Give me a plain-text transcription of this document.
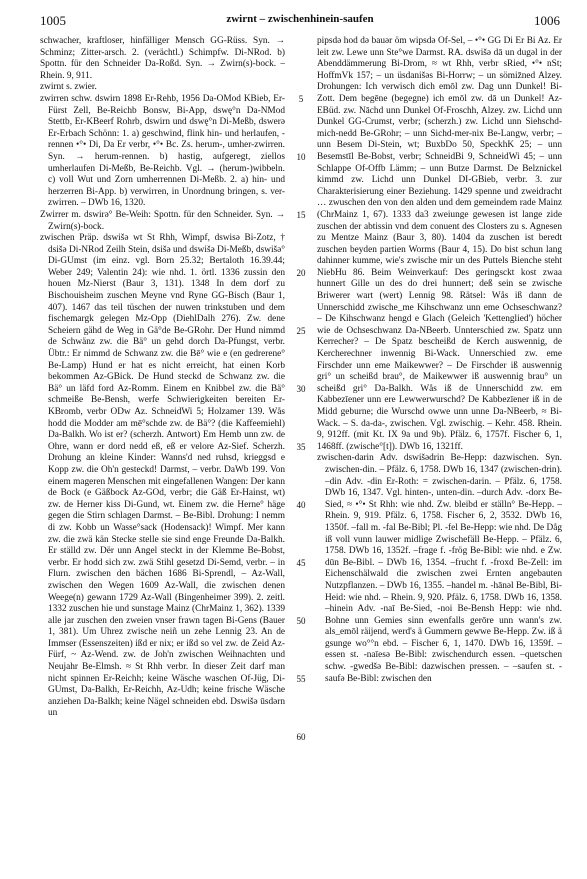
1005	zwirnt – zwischenhinein-saufen	1006

schwacher, kraftloser, hinfälliger Mensch GG-Rüss. Syn. → Schminz; Zitter-arsch. 2. (verächtl.) Schimpfw. Di-NRod. b) Spottn. für den Schneider Da-Roßd. Syn. → Zwirn(s)-bock. – Rhein. 9, 911.

zwirnt s. zwier.

zwirren schw. dswirn 1898 Er-Rehb, 1956 Da-OMod KBieb, Er-Fürst Zell, Be-Reichb Bonsw, Bi-App, dswę°n Da-NMod Stettb, Er-KBeerf Rohrb, dswirn und dswę°n Di-Meßb, dswerə Er-Erbach Schönn: 1. a) geschwind, flink hin- und herlaufen, -rennen •°• Di, Da Er verbr, •°• Bc. Zs. herum-, umher-zwirren. Syn. → herum-rennen. b) hastig, aufgeregt, ziellos umherlaufen Di-Meßb, Be-Reichb. Vgl. → (herum-)wibbeln. c) voll Wut und Zorn umherrennen Di-Meßb. 2. a) hin- und herzerren Bi-App. b) verwirren, in Unordnung bringen, s. ver-zwirren. – DWb 16, 1320.

Zwirrer m. dswirə° Be-Weih: Spottn. für den Schneider. Syn. → Zwirn(s)-bock.

zwischen Präp. dswišə wt St Rhh, Wimpf, dswisə Bi-Zotz, † dsišə Di-NRod Zeilh Stein, dsišə und dswišə Di-Meßb, dswišə° Di-GUmst (im einz. vgl. Born 25.32; Bertaloth 16.39.44; Weber 249; Valentin 24): wie nhd. 1. örtl. 1336 zussin den houen Mz-Nierst (Baur 3, 131). 1348 In dem dorf zu Bischouisheim zuschen Meyne vnd Ryne GG-Bisch (Baur 1, 407). 1467 das teil tüschen der nuwen trinkstuben und dem fischemargk gelegen Mz-Opp (DiehlDalh 276). Zw. dene Scheiern gähd de Weg in Gä°de Be-GRohr. Der Hund nimmd de Schwänz zw. die Bä° un gehd dorch Da-Pfungst, verbr. Übtr.: Er nimmd de Schwanz zw. die Bē° wie e (en gedrerene° Be-Lamp) Hund er hat es nicht erreicht, hat einen Korb bekommen Az-GBick. De Hund steckd de Schwanz zw. die Bä° un läfd ford Az-Romm. Einem en Knibbel zw. die Bä° schmeiße Be-Bensh, werfe Schwierigkeiten bereiten Er-KBromb, verbr ODw Az. SchneidWi 5; Holzamer 139. Wås hodd die Modder am mē°schde zw. de Bä°? (die Kaffeemiehl) Da-Balkh. Wo ist er? (scherzh. Antwort) Em Hemb unn zw. de Ohre, wann er dord nedd eß, eß er velore Az-Sief. Scherzh. Drohung an kleine Kinder: Wanns'd ned ruhsd, krieggsd e Kopp zw. die Oh'n gesteckd! Darmst, – verbr. DaWb 199. Von einem mageren Menschen mit eingefallenen Wangen: Der kann de Bock (e Gäßbock Az-GOd, verbr; die Gäß Er-Hainst, wt) zw. de Herner kiss Di-Gund, wt. Einem zw. die Herne° häge gegen die Stirn schlagen Darmst. – Be-Bibl. Drohung: I nemm di zw. Kobb un Wasse°sack (Hodensack)! Wimpf. Mer kann zw. die zwä kän Stecke stelle sie sind enge Freunde Da-Balkh. Er ställd zw. Dër unn Angel steckt in der Klemme Be-Bobst, verbr. Er hodd sich zw. zwä Stihl gesetzd Di-Semd, verbr. – in Flurn. zwischen den bächen 1686 Bi-Sprendl, – Az-Wall, zwischen den Wegen 1609 Az-Wall, die zwischen denen Weege(n) gewann 1729 Az-Wall (Bingenheimer 399). 2. zeitl. 1332 zuschen hie und sunstage Mainz (ChrMainz 1, 362). 1339 alle jar zuschen den zweien vnser frawn tagen Bi-Gens (Bauer 1, 381). Um Uhrez zwische neiñ un zehe Lennig 23. An de Immser (Essenszeiten) ißd er nix; er ißd so vel zw. de Zeid Az-Fürf, ~ Az-Wend. zw. de Joh'n zwischen Weihnachten und Neujahr Be-Elmsh. ≈ St Rhh verbr. In dieser Zeit darf man nicht spinnen Er-Reichh; keine Wäsche waschen Of-Jüg, Di-GUmst, Da-Balkh, Er-Reichh, Az-Udh; keine frische Wäsche anziehen Da-Balkh; keine Nägel schneiden ebd. Dswišə ūsdərn un

5
10
15
20
25
30
35
40
45
50
55
60

pipsdə hod də bauər öm wipsdə Of-Sel, – •°• GG Di Er Bi Az. Er leit zw. Lewe unn Ste°we Darmst. RA. dswišə dā un dugəl in der Abenddämmerung Bi-Drom, ≈ wt Rhh, verbr sRied, •°• nSt; HoffmVk 157; – un üsdanišəs Bi-Horrw; – un sömiz̄ned Alzey. Drohungen: Ich verwisch dich emōl zw. Dag unn Dunkel! Bi-Zott. Dem begēne (begegne) ich emōl zw. dā un Dunkel! Az-EBüd. zw. Nāchd unn Dunkel Of-Froschh, Alzey. zw. Lichd unn Dunkel GG-Crumst, verbr; (scherzh.) zw. Lichd unn Siehschd-mich-nedd Be-GRohr; – unn Sichd-mer-nix Be-Langw, verbr; – unn Besem Di-Stein, wt; BuxbDo 50, SpeckhK 25; – unn Besemstīl Be-Bobst, verbr; SchneidBi 9, SchneidWi 45; – unn Schlappe Of-Offb Lämm; – unn Butze Darmst. De Belznickel kimmd zw. Lichd unn Dunkel DI-GBieb, verbr. 3. zur Charakterisierung einer Beziehung. 1429 spenne und zweidracht … zwuschen den von den alden und dem gemeindem rade Mainz (ChrMainz 1, 67). 1333 da3 zweiunge gewesen ist lange zide zuschen der abtissin vnd dem conuent des Closters zu s. Agnesen zu Mentze Mainz (Baur 3, 80). 1404 da zuschen ist beredt zuschen beyden partien Worms (Baur 4, 15). Do bist schun lang dahinner kumme, wie's zwische mir un des Puttels Bienche steht NiebHu 86. Beim Weinverkauf: Des geringsckt kost zwaa hunnert Gille un des do drei hunnert; deß sein se zwische Briwerer wart (wert) Lennig 98. Rätsel: Wås iß dann de Unnerschidd zwische_me Kihschwanz unn eme Ochseschwanz? – De Kihschwanz hengd e Glach (Geleich 'Kettenglied') höcher wie de Ochseschwanz Da-NBeerb. Unnterschied zw. Spatz unn Kerrecher? – De Spatz bescheißd de Kerch auswennig, de Kercherechner inwennig Bi-Wack. Unnerschied zw. eme Firschder unn eme Maikewwer? – De Firschder iß auswennig gri° un scheißd brau°, de Maikewwer iß auswennig brau° un scheißd gri° Da-Balkh. Wås iß de Unnerschidd zw. em Kabbezīener unn ere Lewwerwurschd? De Kabbezīener iß in de Midd geburne; die Wurschd owwe unn unne Da-NBeerb, ≈ Bi-Wack. – S. da-da-, zwischen. Vgl. zwischig. – Kehr. 458. Rhein. 9, 912ff. (mit Kt. IX 9a und 9b). Pfälz. 6, 1757f. Fischer 6, 1, 1468ff. (zwische°[t]). DWb 16, 1321ff.

zwischen-darin Adv. dswišədrin Be-Hepp: dazwischen. Syn. zwischen-din. – Pfälz. 6, 1758. DWb 16, 1347 (zwischen-drin). –din Adv. -din Er-Roth: = zwischen-darin. – Pfälz. 6, 1758. DWb 16, 1347. Vgl. hinten-, unten-din. –durch Adv. -dorx Be-Sied, ≈ •°• St Rhh: wie nhd. Zw. bleibd er ställn° Be-Hepp. – Rhein. 9, 919. Pfälz. 6, 1758. Fischer 6, 2, 3532. DWb 16, 1350f. –fall m. -fal Be-Bibl; Pl. -fel Be-Hepp: wie nhd. De Dåg iß voll vunn lauwer midlige Zwischefäll Be-Hepp. – Pfälz. 6, 1758. DWb 16, 1352f. –frage f. -frög Be-Bibl: wie nhd. e Zw. dūn Be-Bibl. – DWb 16, 1354. –frucht f. -froxd Be-Zell: im Eichenschälwald die zwischen zwei Ernten angebauten Nutzpflanzen. – DWb 16, 1355. –handel m. -hānəl Be-Bibl, Bi-Heid: wie nhd. – Rhein. 9, 920. Pfälz. 6, 1758. DWb 16, 1358. –hinein Adv. -naī Be-Sied, -noi Be-Bensh Hepp: wie nhd. Bohne unn Gemies sinn ewenfalls gerōre unn wann's zw. als_emōl räijend, werd's ä Gummern gewwe Be-Hepp. Zw. iß ä gsunge wo°°n ebd. – Fischer 6, 1, 1470. DWb 16, 1359f. –essen st. -naīesə Be-Bibl: zwischendurch essen. –quetschen schw. -gwedšə Be-Bibl: dazwischen pressen. – –saufen st. -saufə Be-Bibl: zwischen den
